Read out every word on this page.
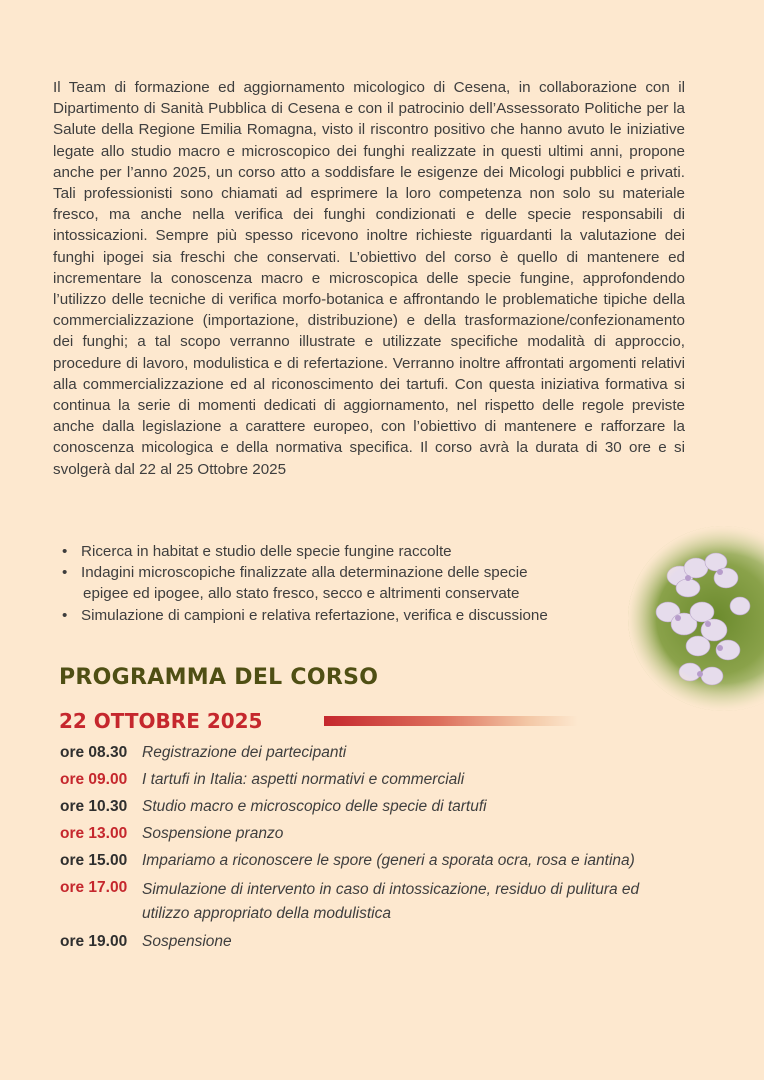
Il Team di formazione ed aggiornamento micologico di Cesena, in collaborazione con il Dipartimento di Sanità Pubblica di Cesena e con il patrocinio dell’Assessorato Politiche per la Salute della Regione Emilia Romagna, visto il riscontro positivo che hanno avuto le iniziative legate allo studio macro e microscopico dei funghi realizzate in questi ultimi anni, propone anche per l’anno 2025, un corso atto a soddisfare le esigenze dei Micologi pubblici e privati. Tali professionisti sono chiamati ad esprimere la loro competenza non solo su materiale fresco, ma anche nella verifica dei funghi condizionati e delle specie responsabili di intossicazioni. Sempre più spesso ricevono inoltre richieste riguardanti la valutazione dei funghi ipogei sia freschi che conservati. L’obiettivo del corso è quello di mantenere ed incrementare la conoscenza macro e microscopica delle specie fungine, approfondendo l’utilizzo delle tecniche di verifica morfo-botanica e affrontando le problematiche tipiche della commercializzazione (importazione, distribuzione) e della trasformazione/confezionamento dei funghi; a tal scopo verranno illustrate e utilizzate specifiche modalità di approccio, procedure di lavoro, modulistica e di refertazione. Verranno inoltre affrontati argomenti relativi alla commercializzazione ed al riconoscimento dei tartufi. Con questa iniziativa formativa si continua la serie di momenti dedicati di aggiornamento, nel rispetto delle regole previste anche dalla legislazione a carattere europeo, con l’obiettivo di mantenere e rafforzare la conoscenza micologica e della normativa specifica. Il corso avrà la durata di 30 ore e si svolgerà dal 22 al 25 Ottobre 2025

• Ricerca in habitat e studio delle specie fungine raccolte
• Indagini microscopiche finalizzate alla determinazione delle specie
epigee ed ipogee, allo stato fresco, secco e altrimenti conservate
• Simulazione di campioni e relativa refertazione, verifica e discussione
PROGRAMMA DEL CORSO
22 OTTOBRE 2025
ore 08.30 Registrazione dei partecipanti
ore 09.00 I tartufi in Italia: aspetti normativi e commerciali
ore 10.30 Studio macro e microscopico delle specie di tartufi
ore 13.00 Sospensione pranzo
ore 15.00 Impariamo a riconoscere le spore (generi a sporata ocra, rosa e iantina)
ore 17.00 Simulazione di intervento in caso di intossicazione, residuo di pulitura ed
utilizzo appropriato della modulistica
ore 19.00 Sospensione
